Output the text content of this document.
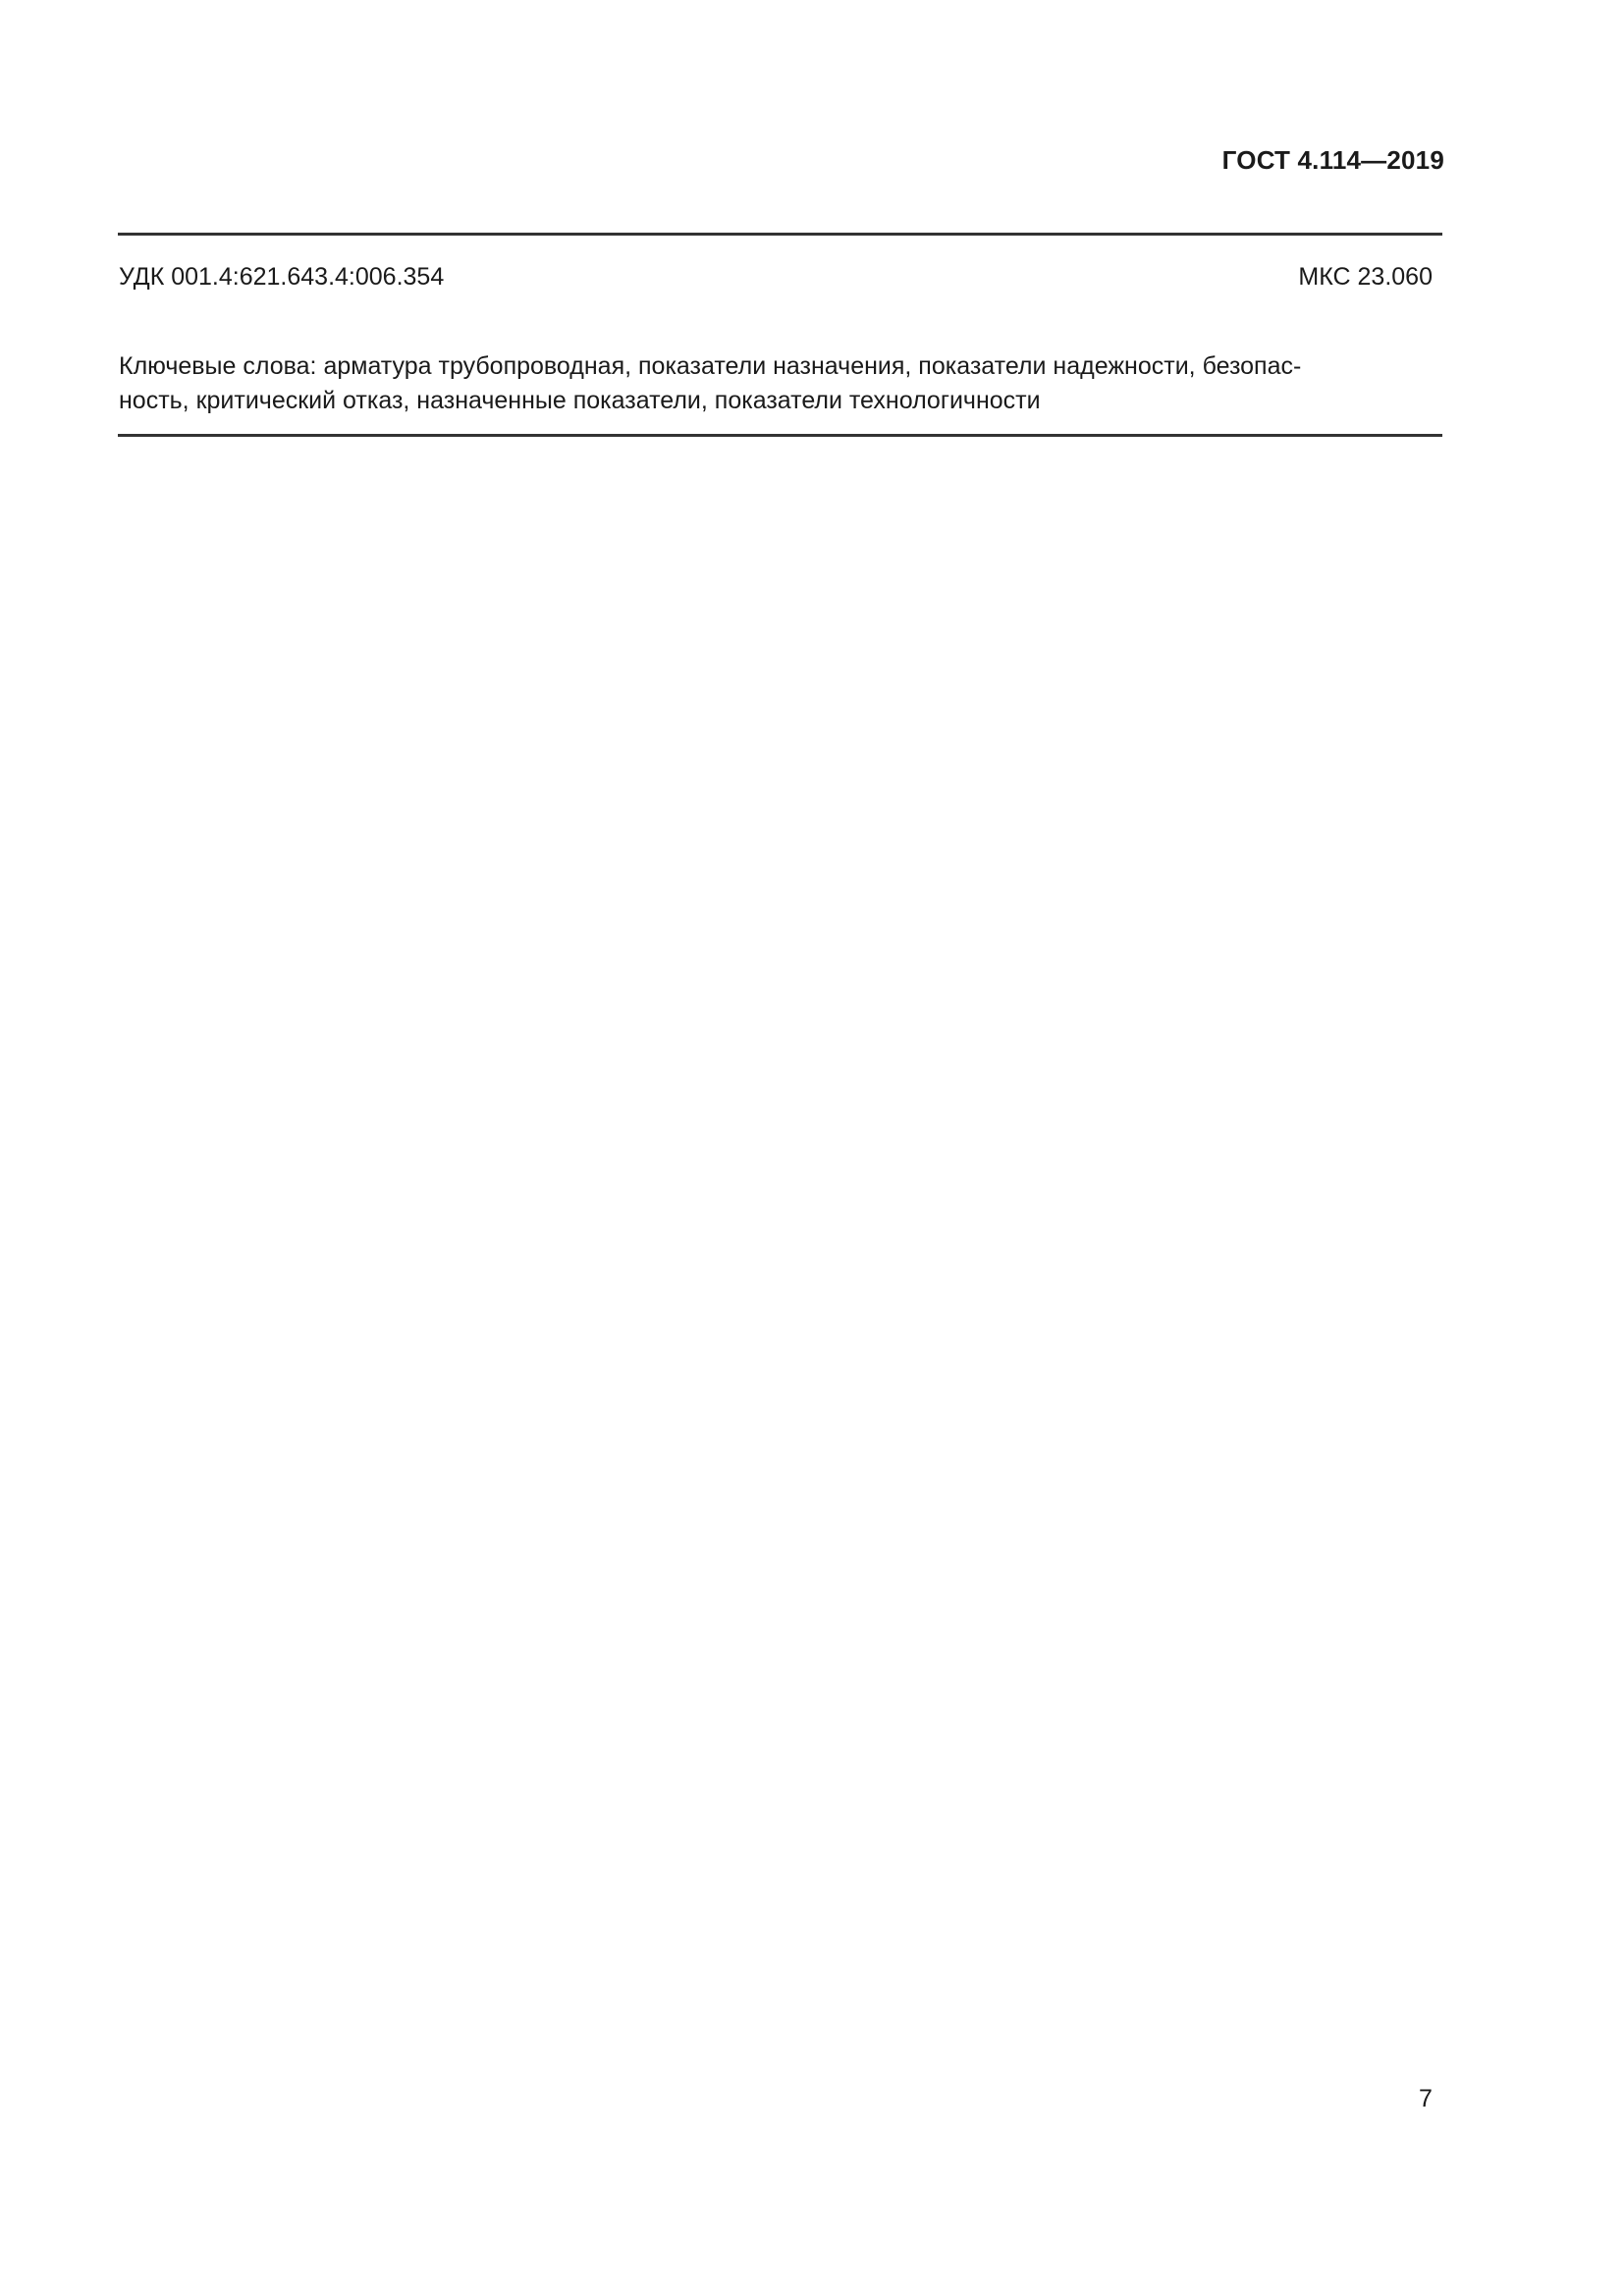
ГОСТ 4.114—2019
УДК 001.4:621.643.4:006.354	МКС 23.060
Ключевые слова: арматура трубопроводная, показатели назначения, показатели надежности, безопас-
ность, критический отказ, назначенные показатели, показатели технологичности
7
